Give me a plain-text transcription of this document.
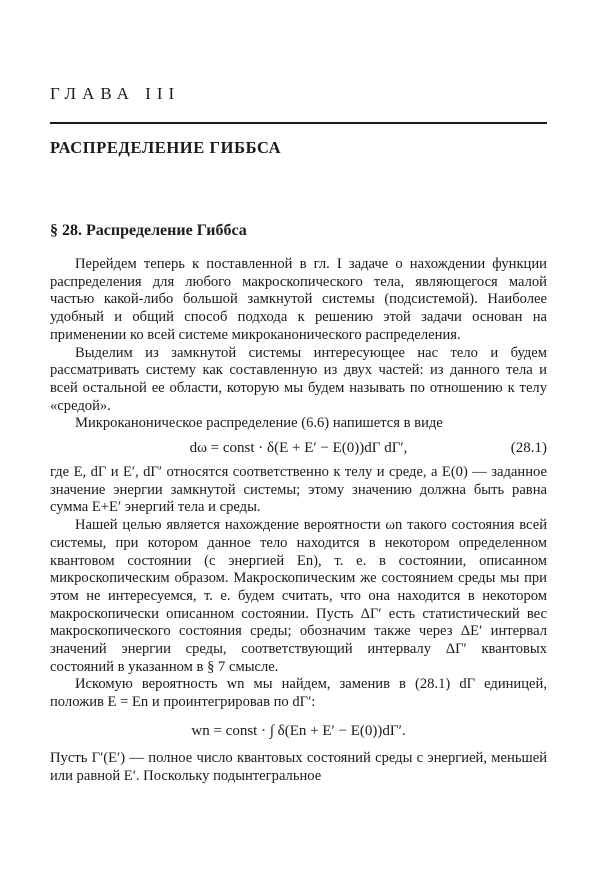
ГЛАВА III
РАСПРЕДЕЛЕНИЕ ГИББСА
§ 28. Распределение Гиббса

Перейдем теперь к поставленной в гл. I задаче о нахождении функции распределения для любого макроскопического тела, являющегося малой частью какой-либо большой замкнутой системы (подсистемой). Наиболее удобный и общий способ подхода к решению этой задачи основан на применении ко всей системе микроканонического распределения.

Выделим из замкнутой системы интересующее нас тело и будем рассматривать систему как составленную из двух частей: из данного тела и всей остальной ее области, которую мы будем называть по отношению к телу «средой».

Микроканоническое распределение (6.6) напишется в виде

dω = const · δ(E + E′ − E(0))dΓ dΓ′,	(28.1)

где E, dΓ и E′, dΓ′ относятся соответственно к телу и среде, а E(0) — заданное значение энергии замкнутой системы; этому значению должна быть равна сумма E+E′ энергий тела и среды.

Нашей целью является нахождение вероятности ωn такого состояния всей системы, при котором данное тело находится в некотором определенном квантовом состоянии (с энергией En), т. е. в состоянии, описанном микроскопическим образом. Макроскопическим же состоянием среды мы при этом не интересуемся, т. е. будем считать, что она находится в некотором макроскопически описанном состоянии. Пусть ΔΓ′ есть статистический вес макроскопического состояния среды; обозначим также через ΔE′ интервал значений энергии среды, соответствующий интервалу ΔΓ′ квантовых состояний в указанном в § 7 смысле.

Искомую вероятность wn мы найдем, заменив в (28.1) dΓ единицей, положив E = En и проинтегрировав по dΓ′:

wn = const · ∫ δ(En + E′ − E(0))dΓ′.

Пусть Γ′(E′) — полное число квантовых состояний среды с энергией, меньшей или равной E′. Поскольку подынтегральное
